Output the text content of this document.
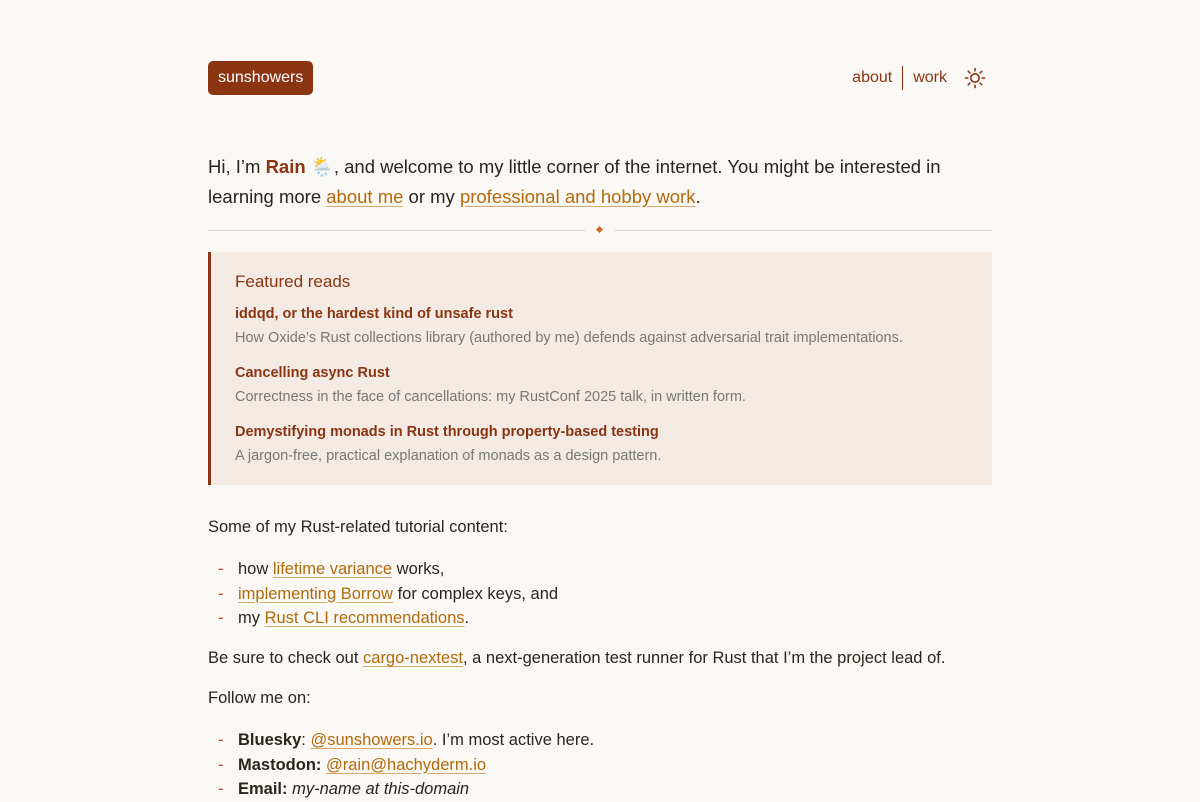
sunshowers	about work

Hi, I’m Rain 🌦️, and welcome to my little corner of the internet. You might be interested in learning more about me or my professional and hobby work.

Featured reads
iddqd, or the hardest kind of unsafe rust
How Oxide’s Rust collections library (authored by me) defends against adversarial trait implementations.
Cancelling async Rust
Correctness in the face of cancellations: my RustConf 2025 talk, in written form.
Demystifying monads in Rust through property-based testing
A jargon-free, practical explanation of monads as a design pattern.

Some of my Rust-related tutorial content:

- how lifetime variance works,
- implementing Borrow for complex keys, and
- my Rust CLI recommendations.

Be sure to check out cargo-nextest, a next-generation test runner for Rust that I’m the project lead of.

Follow me on:

- Bluesky: @sunshowers.io. I’m most active here.
- Mastodon: @rain@hachyderm.io
- Email: my-name at this-domain
